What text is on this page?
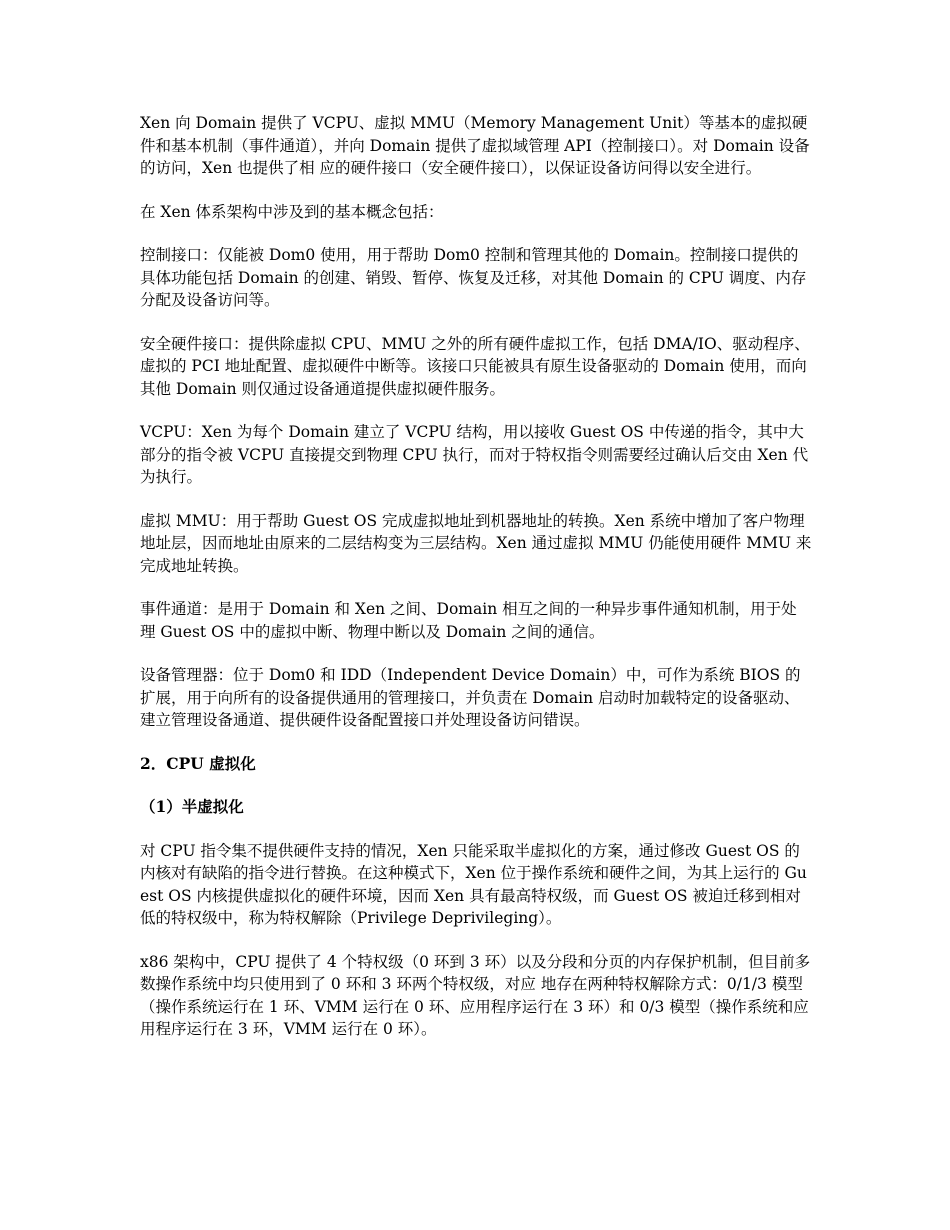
Xen 向 Domain 提供了 VCPU、虚拟 MMU（Memory Management Unit）等基本的虚拟硬件和基本机制（事件通道），并向 Domain 提供了虚拟域管理 API（控制接口）。对 Domain 设备的访问，Xen 也提供了相 应的硬件接口（安全硬件接口），以保证设备访问得以安全进行。

在 Xen 体系架构中涉及到的基本概念包括：

控制接口：仅能被 Dom0 使用，用于帮助 Dom0 控制和管理其他的 Domain。控制接口提供的具体功能包括 Domain 的创建、销毁、暂停、恢复及迁移，对其他 Domain 的 CPU 调度、内存分配及设备访问等。

安全硬件接口：提供除虚拟 CPU、MMU 之外的所有硬件虚拟工作，包括 DMA/IO、驱动程序、虚拟的 PCI 地址配置、虚拟硬件中断等。该接口只能被具有原生设备驱动的 Domain 使用，而向其他 Domain 则仅通过设备通道提供虚拟硬件服务。

VCPU：Xen 为每个 Domain 建立了 VCPU 结构，用以接收 Guest OS 中传递的指令，其中大部分的指令被 VCPU 直接提交到物理 CPU 执行，而对于特权指令则需要经过确认后交由 Xen 代为执行。

虚拟 MMU：用于帮助 Guest OS 完成虚拟地址到机器地址的转换。Xen 系统中增加了客户物理地址层，因而地址由原来的二层结构变为三层结构。Xen 通过虚拟 MMU 仍能使用硬件 MMU 来完成地址转换。

事件通道：是用于 Domain 和 Xen 之间、Domain 相互之间的一种异步事件通知机制，用于处理 Guest OS 中的虚拟中断、物理中断以及 Domain 之间的通信。

设备管理器：位于 Dom0 和 IDD（Independent Device Domain）中，可作为系统 BIOS 的扩展，用于向所有的设备提供通用的管理接口，并负责在 Domain 启动时加载特定的设备驱动、建立管理设备通道、提供硬件设备配置接口并处理设备访问错误。

2．CPU 虚拟化
（1）半虚拟化

对 CPU 指令集不提供硬件支持的情况，Xen 只能采取半虚拟化的方案，通过修改 Guest OS 的内核对有缺陷的指令进行替换。在这种模式下，Xen 位于操作系统和硬件之间，为其上运行的 Guest OS 内核提供虚拟化的硬件环境，因而 Xen 具有最高特权级，而 Guest OS 被迫迁移到相对低的特权级中，称为特权解除（Privilege Deprivileging）。

x86 架构中，CPU 提供了 4 个特权级（0 环到 3 环）以及分段和分页的内存保护机制，但目前多数操作系统中均只使用到了 0 环和 3 环两个特权级，对应 地存在两种特权解除方式：0/1/3 模型（操作系统运行在 1 环、VMM 运行在 0 环、应用程序运行在 3 环）和 0/3 模型（操作系统和应用程序运行在 3 环，VMM 运行在 0 环）。
